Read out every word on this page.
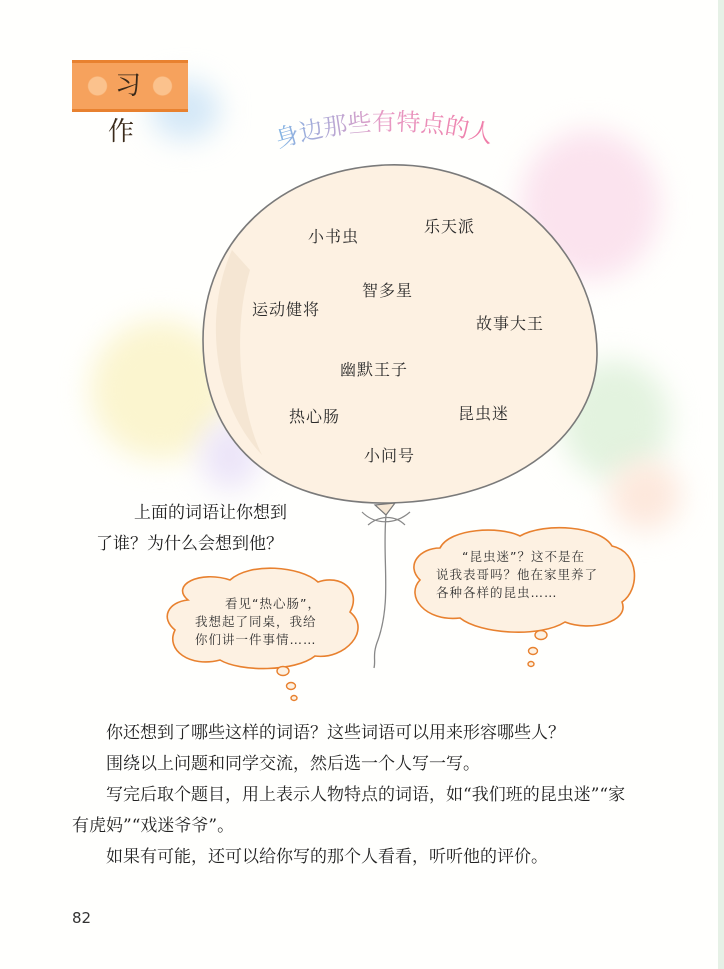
习 作	身边那些有特点的人
小书虫
乐天派
智多星
运动健将
故事大王
幽默王子
热心肠	昆虫迷
小问号
上面的词语让你想到
了谁？为什么会想到他？
看见“热心肠”，
我想起了同桌，我给
你们讲一件事情……
“昆虫迷”？这不是在
说我表哥吗？他在家里养了
各种各样的昆虫……

你还想到了哪些这样的词语？这些词语可以用来形容哪些人？

围绕以上问题和同学交流，然后选一个人写一写。

写完后取个题目，用上表示人物特点的词语，如“我们班的昆虫迷”“家有虎妈”“戏迷爷爷”。

如果有可能，还可以给你写的那个人看看，听听他的评价。

82
